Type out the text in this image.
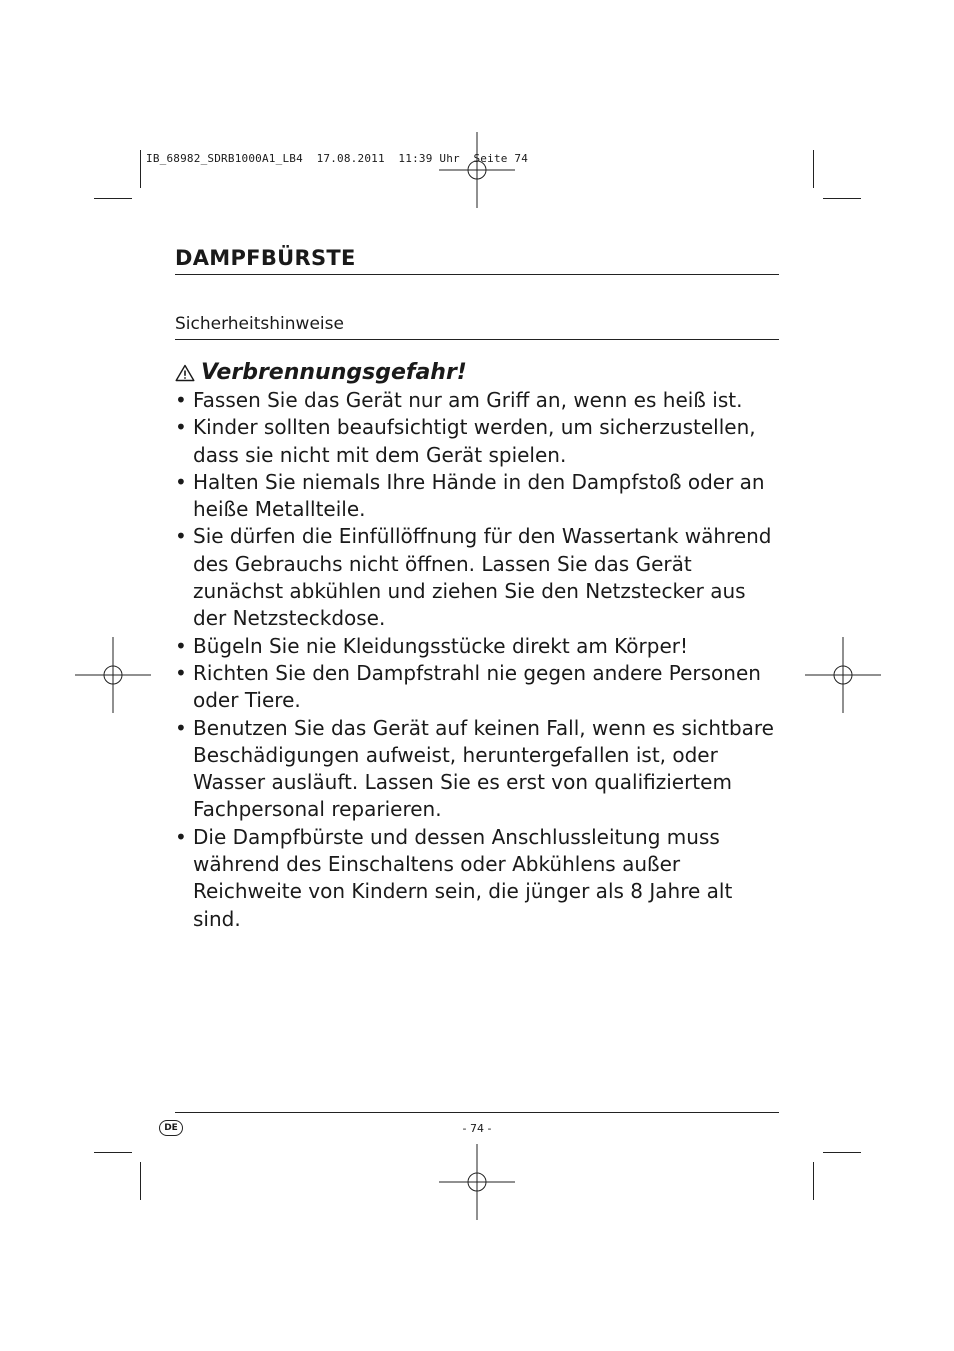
IB_68982_SDRB1000A1_LB4  17.08.2011  11:39 Uhr  Seite 74
DAMPFBÜRSTE
Sicherheitshinweise
Verbrennungsgefahr!
• Fassen Sie das Gerät nur am Griff an, wenn es heiß ist.
• Kinder sollten beaufsichtigt werden, um sicherzustellen, dass sie nicht mit dem Gerät spielen.
• Halten Sie niemals Ihre Hände in den Dampfstoß oder an heiße Metallteile.
• Sie dürfen die Einfüllöffnung für den Wassertank während des Gebrauchs nicht öffnen. Lassen Sie das Gerät zunächst abkühlen und ziehen Sie den Netzstecker aus der Netzsteckdose.
• Bügeln Sie nie Kleidungsstücke direkt am Körper!
• Richten Sie den Dampfstrahl nie gegen andere Personen oder Tiere.
• Benutzen Sie das Gerät auf keinen Fall, wenn es sichtbare Beschädigungen aufweist, heruntergefallen ist, oder Wasser ausläuft. Lassen Sie es erst von qualifiziertem Fachpersonal reparieren.
• Die Dampfbürste und dessen Anschlussleitung muss während des Einschaltens oder Abkühlens außer Reichweite von Kindern sein, die jünger als 8 Jahre alt sind.
DE	- 74 -
